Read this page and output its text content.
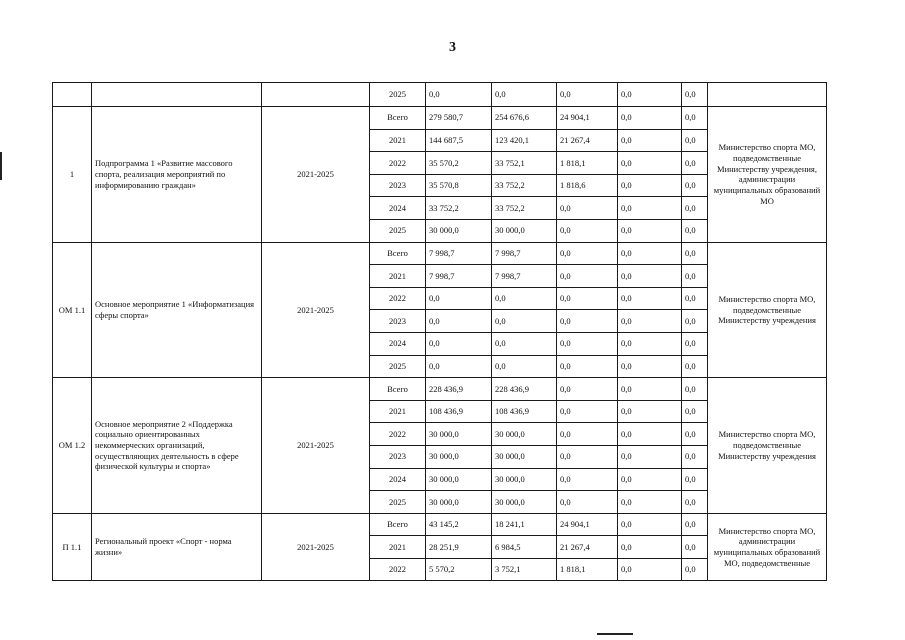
3
			2025	0,0	0,0	0,0	0,0	0,0	
1	Подпрограмма 1 «Развитие массового спорта, реализация мероприятий по информированию граждан»	2021-2025	Всего	279 580,7	254 676,6	24 904,1	0,0	0,0	Министерство спорта МО, подведомственные Министерству учреждения, администрации муниципальных образований МО
			2021	144 687,5	123 420,1	21 267,4	0,0	0,0	
			2022	35 570,2	33 752,1	1 818,1	0,0	0,0	
			2023	35 570,8	33 752,2	1 818,6	0,0	0,0	
			2024	33 752,2	33 752,2	0,0	0,0	0,0	
			2025	30 000,0	30 000,0	0,0	0,0	0,0	
ОМ 1.1	Основное мероприятие 1 «Информатизация сферы спорта»	2021-2025	Всего	7 998,7	7 998,7	0,0	0,0	0,0	Министерство спорта МО, подведомственные Министерству учреждения
			2021	7 998,7	7 998,7	0,0	0,0	0,0	
			2022	0,0	0,0	0,0	0,0	0,0	
			2023	0,0	0,0	0,0	0,0	0,0	
			2024	0,0	0,0	0,0	0,0	0,0	
			2025	0,0	0,0	0,0	0,0	0,0	
ОМ 1.2	Основное мероприятие 2 «Поддержка социально ориентированных некоммерческих организаций, осуществляющих деятельность в сфере физической культуры и спорта»	2021-2025	Всего	228 436,9	228 436,9	0,0	0,0	0,0	Министерство спорта МО, подведомственные Министерству учреждения
			2021	108 436,9	108 436,9	0,0	0,0	0,0	
			2022	30 000,0	30 000,0	0,0	0,0	0,0	
			2023	30 000,0	30 000,0	0,0	0,0	0,0	
			2024	30 000,0	30 000,0	0,0	0,0	0,0	
			2025	30 000,0	30 000,0	0,0	0,0	0,0	
П 1.1	Региональный проект «Спорт - норма жизни»	2021-2025	Всего	43 145,2	18 241,1	24 904,1	0,0	0,0	Министерство спорта МО, администрации муниципальных образований МО, подведомственные
			2021	28 251,9	6 984,5	21 267,4	0,0	0,0	
			2022	5 570,2	3 752,1	1 818,1	0,0	0,0	
